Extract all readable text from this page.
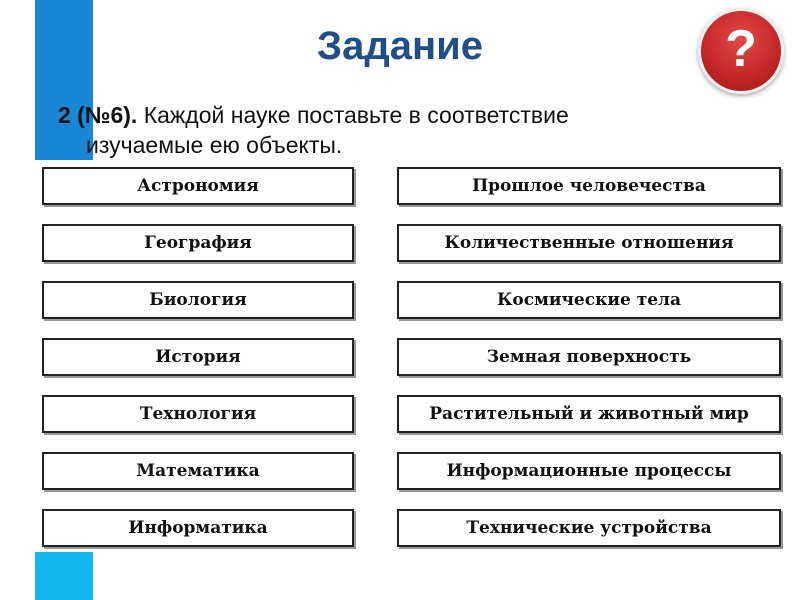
Задание	?
2 (№6). Каждой науке поставьте в соответствие
изучаемые ею объекты.
Астрономия
География
Биология
История
Технология
Математика
Информатика
Прошлое человечества
Количественные отношения
Космические тела
Земная поверхность
Растительный и животный мир
Информационные процессы
Технические устройства
